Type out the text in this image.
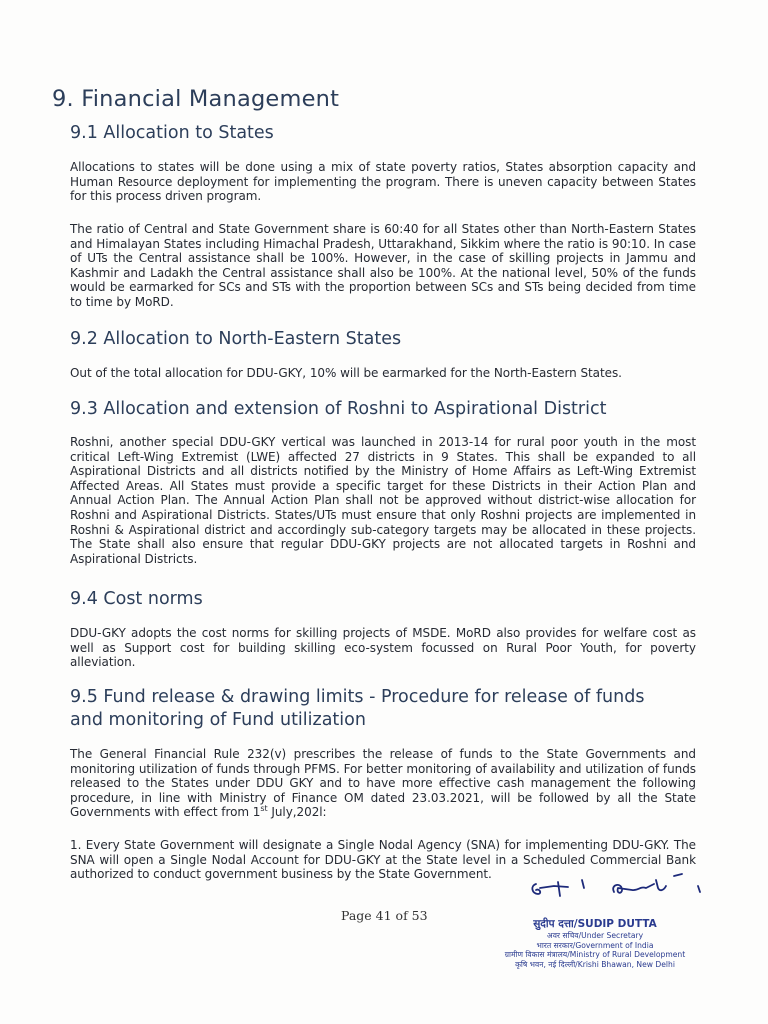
9. Financial Management
9.1 Allocation to States

Allocations to states will be done using a mix of state poverty ratios, States absorption capacity and Human Resource deployment for implementing the program. There is uneven capacity between States for this process driven program.

The ratio of Central and State Government share is 60:40 for all States other than North-Eastern States and Himalayan States including Himachal Pradesh, Uttarakhand, Sikkim where the ratio is 90:10. In case of UTs the Central assistance shall be 100%. However, in the case of skilling projects in Jammu and Kashmir and Ladakh the Central assistance shall also be 100%. At the national level, 50% of the funds would be earmarked for SCs and STs with the proportion between SCs and STs being decided from time to time by MoRD.

9.2 Allocation to North-Eastern States

Out of the total allocation for DDU-GKY, 10% will be earmarked for the North-Eastern States.

9.3 Allocation and extension of Roshni to Aspirational District

Roshni, another special DDU-GKY vertical was launched in 2013-14 for rural poor youth in the most critical Left-Wing Extremist (LWE) affected 27 districts in 9 States. This shall be expanded to all Aspirational Districts and all districts notified by the Ministry of Home Affairs as Left-Wing Extremist Affected Areas. All States must provide a specific target for these Districts in their Action Plan and Annual Action Plan. The Annual Action Plan shall not be approved without district-wise allocation for Roshni and Aspirational Districts. States/UTs must ensure that only Roshni projects are implemented in Roshni & Aspirational district and accordingly sub-category targets may be allocated in these projects. The State shall also ensure that regular DDU-GKY projects are not allocated targets in Roshni and Aspirational Districts.

9.4 Cost norms

DDU-GKY adopts the cost norms for skilling projects of MSDE. MoRD also provides for welfare cost as well as Support cost for building skilling eco-system focussed on Rural Poor Youth, for poverty alleviation.

9.5 Fund release & drawing limits - Procedure for release of funds
and monitoring of Fund utilization

The General Financial Rule 232(v) prescribes the release of funds to the State Governments and monitoring utilization of funds through PFMS. For better monitoring of availability and utilization of funds released to the States under DDU GKY and to have more effective cash management the following procedure, in line with Ministry of Finance OM dated 23.03.2021, will be followed by all the State Governments with effect from 1st July,202l:

1. Every State Government will designate a Single Nodal Agency (SNA) for implementing DDU-GKY. The SNA will open a Single Nodal Account for DDU-GKY at the State level in a Scheduled Commercial Bank authorized to conduct government business by the State Government.

Page 41 of 53
सुदीप दत्ता/SUDIP DUTTA
अवर सचिव/Under Secretary
भारत सरकार/Government of India
ग्रामीण विकास मंत्रालय/Ministry of Rural Development
कृषि भवन, नई दिल्ली/Krishi Bhawan, New Delhi
